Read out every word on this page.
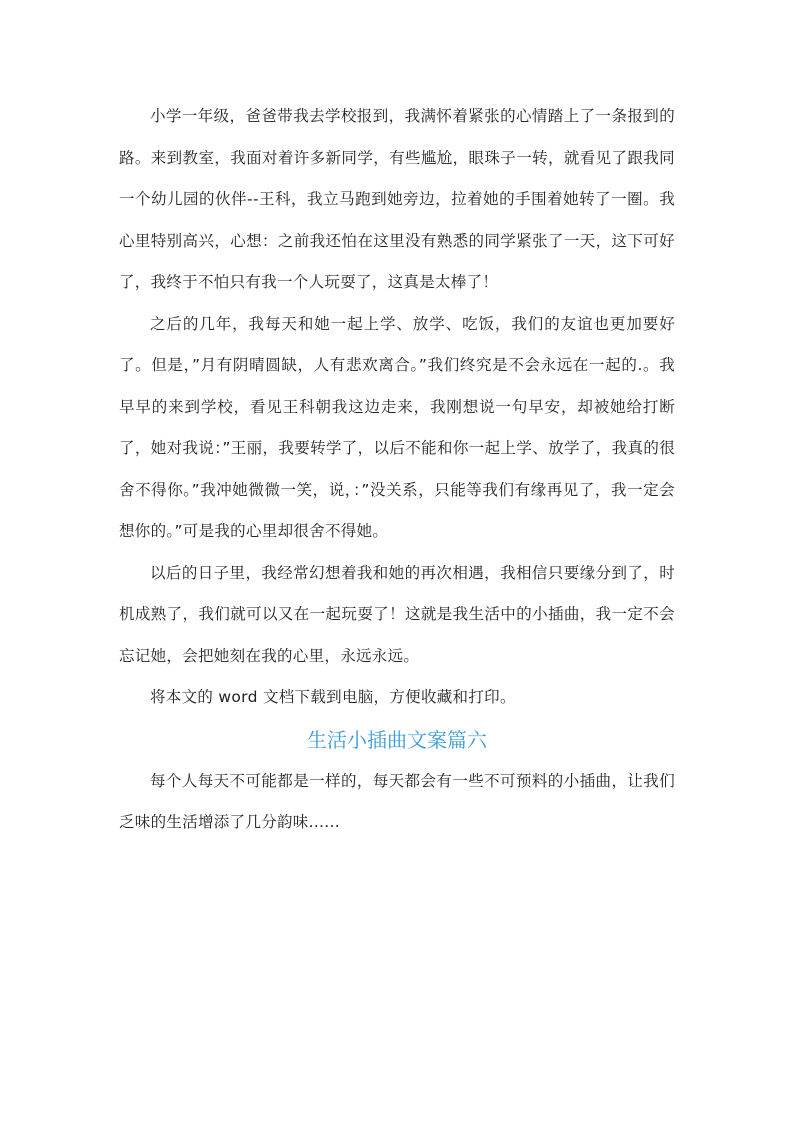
小学一年级，爸爸带我去学校报到，我满怀着紧张的心情踏上了一条报到的路。来到教室，我面对着许多新同学，有些尴尬，眼珠子一转，就看见了跟我同一个幼儿园的伙伴--王科，我立马跑到她旁边，拉着她的手围着她转了一圈。我心里特别高兴，心想：之前我还怕在这里没有熟悉的同学紧张了一天，这下可好了，我终于不怕只有我一个人玩耍了，这真是太棒了！

之后的几年，我每天和她一起上学、放学、吃饭，我们的友谊也更加要好了。但是，”月有阴晴圆缺，人有悲欢离合。”我们终究是不会永远在一起的.。我早早的来到学校，看见王科朝我这边走来，我刚想说一句早安，却被她给打断了，她对我说：”王丽，我要转学了，以后不能和你一起上学、放学了，我真的很舍不得你。”我冲她微微一笑，说，：”没关系，只能等我们有缘再见了，我一定会想你的。”可是我的心里却很舍不得她。

以后的日子里，我经常幻想着我和她的再次相遇，我相信只要缘分到了，时机成熟了，我们就可以又在一起玩耍了！这就是我生活中的小插曲，我一定不会忘记她，会把她刻在我的心里，永远永远。

将本文的 word 文档下载到电脑，方便收藏和打印。

生活小插曲文案篇六

每个人每天不可能都是一样的，每天都会有一些不可预料的小插曲，让我们乏味的生活增添了几分韵味......
